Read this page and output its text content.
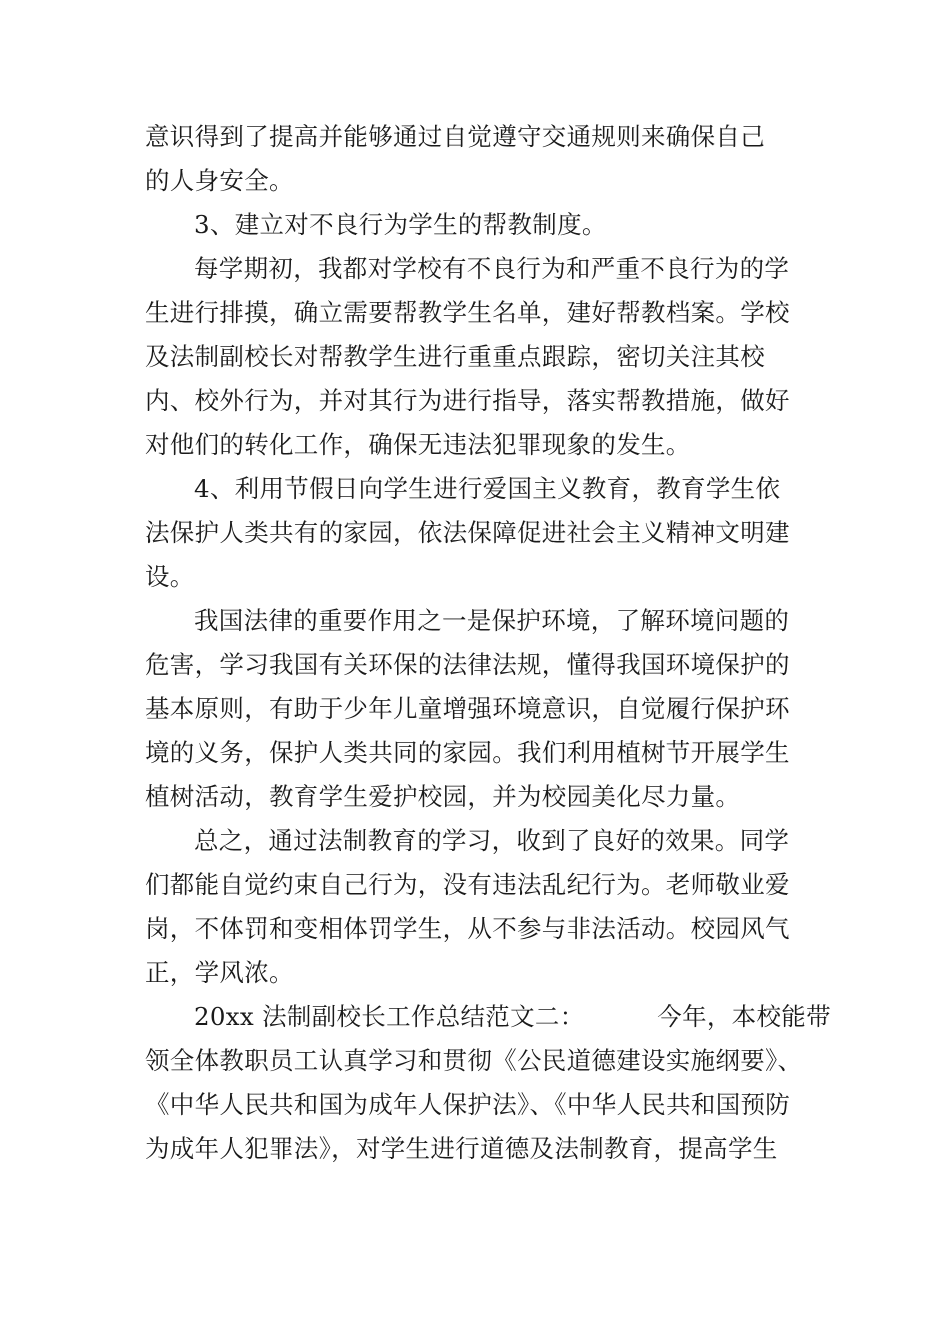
意识得到了提高并能够通过自觉遵守交通规则来确保自己

的人身安全。

3、建立对不良行为学生的帮教制度。

每学期初，我都对学校有不良行为和严重不良行为的学

生进行排摸，确立需要帮教学生名单，建好帮教档案。学校

及法制副校长对帮教学生进行重重点跟踪，密切关注其校

内、校外行为，并对其行为进行指导，落实帮教措施，做好

对他们的转化工作，确保无违法犯罪现象的发生。

4、利用节假日向学生进行爱国主义教育，教育学生依

法保护人类共有的家园，依法保障促进社会主义精神文明建

设。

我国法律的重要作用之一是保护环境，了解环境问题的

危害，学习我国有关环保的法律法规，懂得我国环境保护的

基本原则，有助于少年儿童增强环境意识，自觉履行保护环

境的义务，保护人类共同的家园。我们利用植树节开展学生

植树活动，教育学生爱护校园，并为校园美化尽力量。

总之，通过法制教育的学习，收到了良好的效果。同学

们都能自觉约束自己行为，没有违法乱纪行为。老师敬业爱

岗，不体罚和变相体罚学生，从不参与非法活动。校园风气

正，学风浓。

20xx 法制副校长工作总结范文二：         今年，本校能带

领全体教职员工认真学习和贯彻《公民道德建设实施纲要》、

《中华人民共和国为成年人保护法》、《中华人民共和国预防

为成年人犯罪法》，对学生进行道德及法制教育，提高学生
